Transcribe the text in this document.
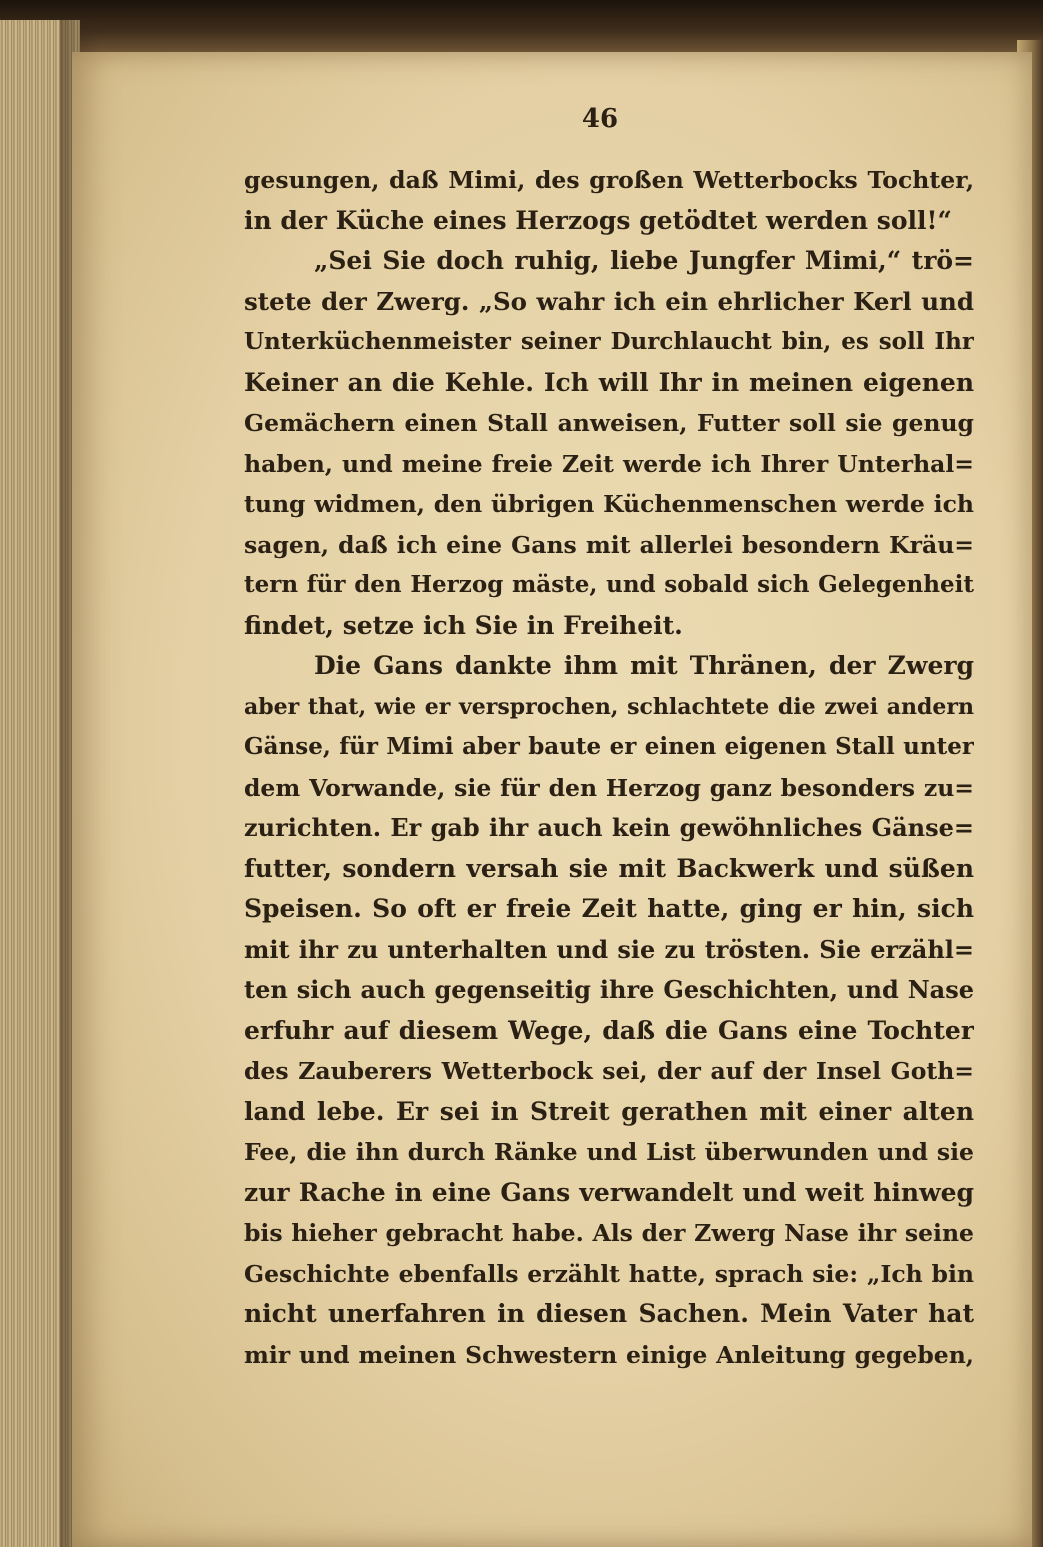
46
gesungen, daß Mimi, des großen Wetterbocks Tochter,
in der Küche eines Herzogs getödtet werden soll!“
„Sei Sie doch ruhig, liebe Jungfer Mimi,“ trö=
stete der Zwerg. „So wahr ich ein ehrlicher Kerl und
Unterküchenmeister seiner Durchlaucht bin, es soll Ihr
Keiner an die Kehle. Ich will Ihr in meinen eigenen
Gemächern einen Stall anweisen, Futter soll sie genug
haben, und meine freie Zeit werde ich Ihrer Unterhal=
tung widmen, den übrigen Küchenmenschen werde ich
sagen, daß ich eine Gans mit allerlei besondern Kräu=
tern für den Herzog mäste, und sobald sich Gelegenheit
findet, setze ich Sie in Freiheit.
Die Gans dankte ihm mit Thränen, der Zwerg
aber that, wie er versprochen, schlachtete die zwei andern
Gänse, für Mimi aber baute er einen eigenen Stall unter
dem Vorwande, sie für den Herzog ganz besonders zu=
zurichten. Er gab ihr auch kein gewöhnliches Gänse=
futter, sondern versah sie mit Backwerk und süßen
Speisen. So oft er freie Zeit hatte, ging er hin, sich
mit ihr zu unterhalten und sie zu trösten. Sie erzähl=
ten sich auch gegenseitig ihre Geschichten, und Nase
erfuhr auf diesem Wege, daß die Gans eine Tochter
des Zauberers Wetterbock sei, der auf der Insel Goth=
land lebe. Er sei in Streit gerathen mit einer alten
Fee, die ihn durch Ränke und List überwunden und sie
zur Rache in eine Gans verwandelt und weit hinweg
bis hieher gebracht habe. Als der Zwerg Nase ihr seine
Geschichte ebenfalls erzählt hatte, sprach sie: „Ich bin
nicht unerfahren in diesen Sachen. Mein Vater hat
mir und meinen Schwestern einige Anleitung gegeben,
